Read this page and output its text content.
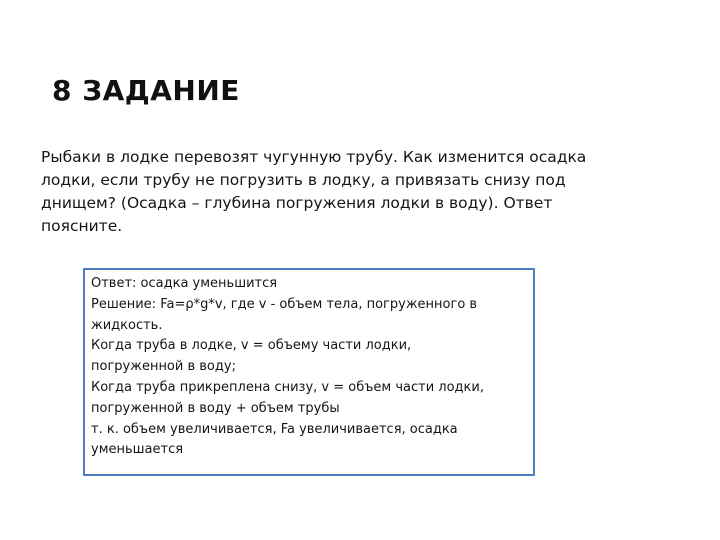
8 ЗАДАНИЕ
Рыбаки в лодке перевозят чугунную трубу. Как изменится осадка
лодки, если трубу не погрузить в лодку, а привязать снизу под
днищем? (Осадка – глубина погружения лодки в воду). Ответ
поясните.
Ответ: осадка уменьшится
Решение: Fa=ρ*g*v, где v - объем тела, погруженного в
жидкость.
Когда труба в лодке, v = объему части лодки,
погруженной в воду;
Когда труба прикреплена снизу, v = объем части лодки,
погруженной в воду + объем трубы
т. к. объем увеличивается, Fa увеличивается, осадка
уменьшается
